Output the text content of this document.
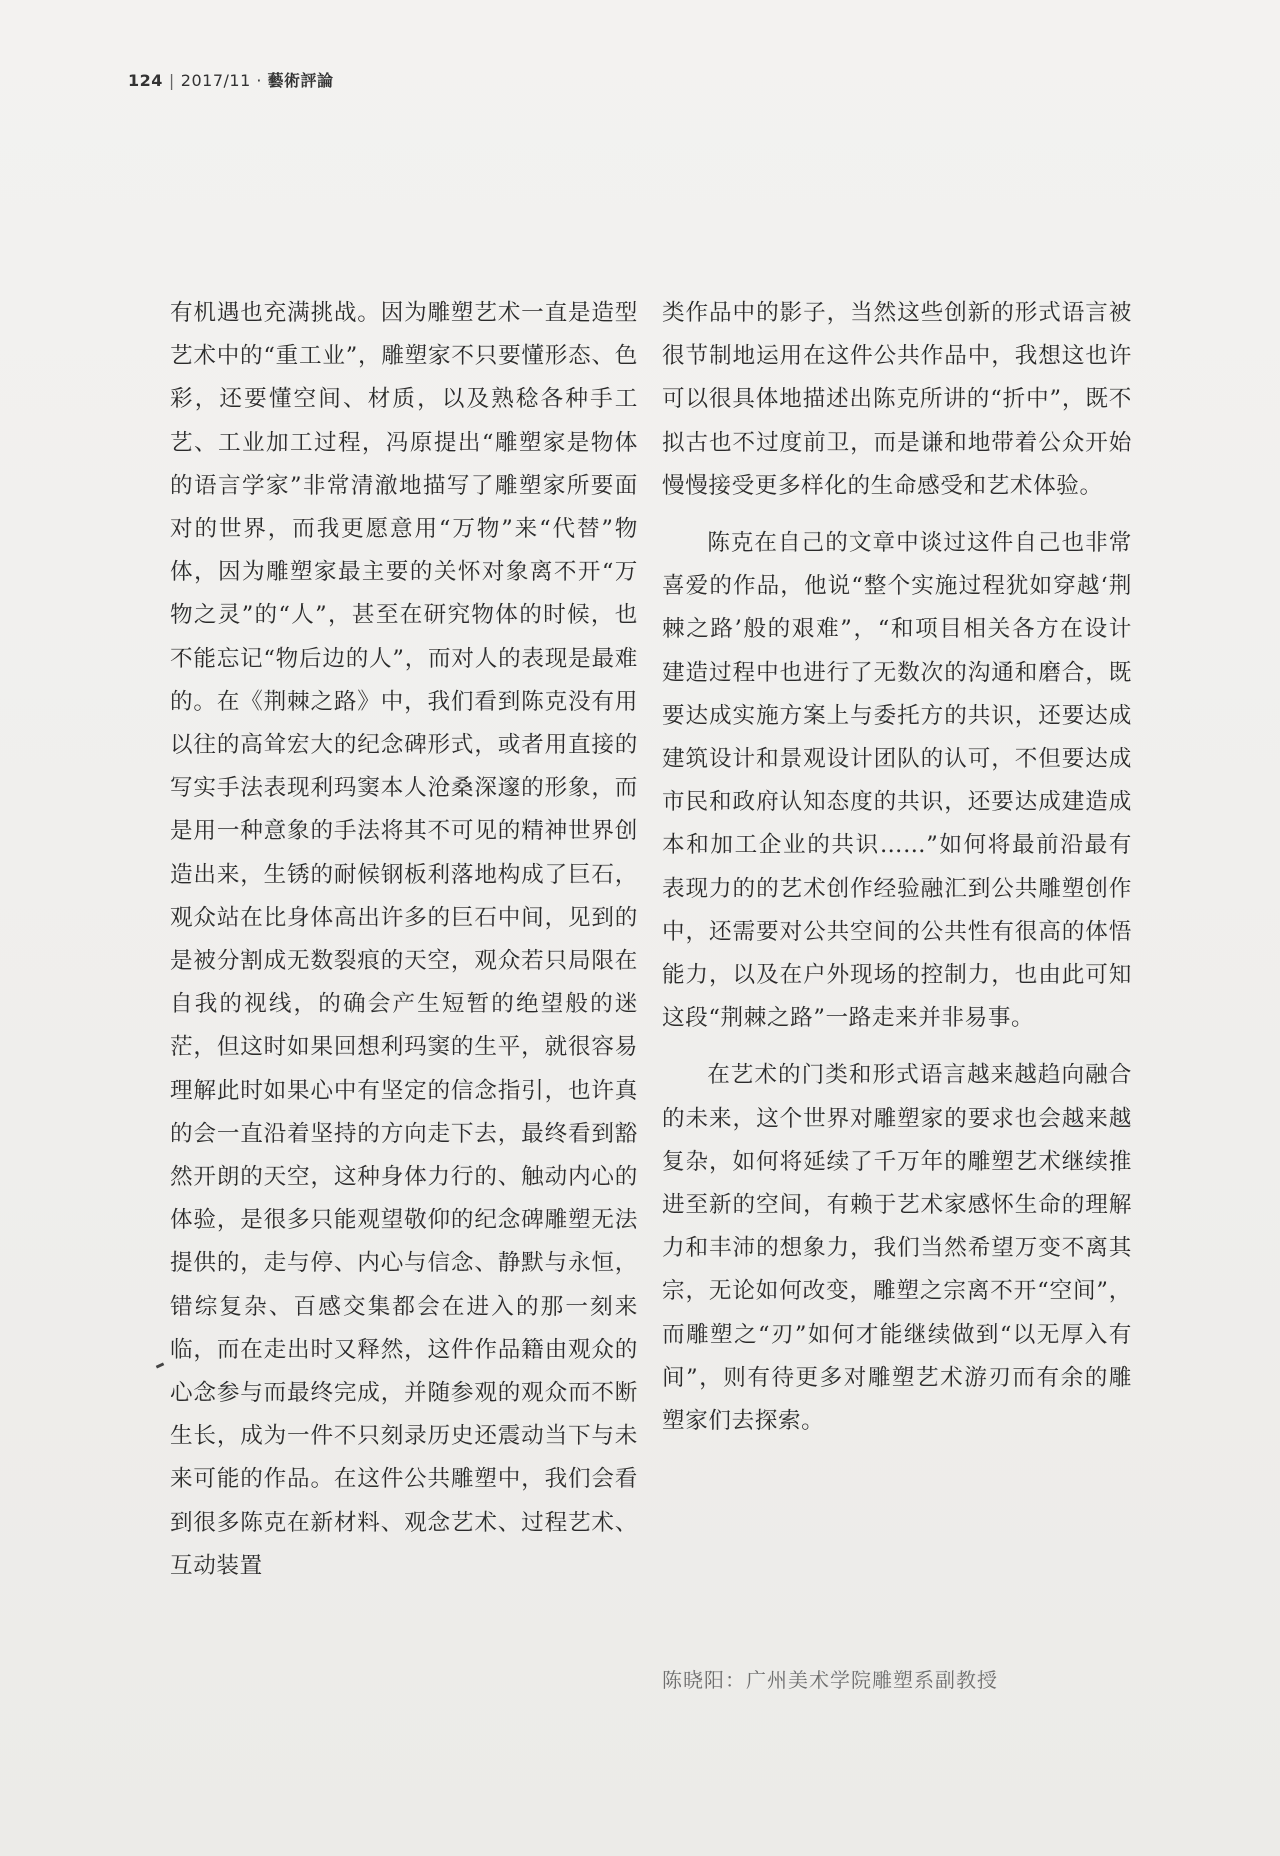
124 | 2017/11 · 藝術評論

有机遇也充满挑战。因为雕塑艺术一直是造型艺术中的“重工业”，雕塑家不只要懂形态、色彩，还要懂空间、材质，以及熟稔各种手工艺、工业加工过程，冯原提出“雕塑家是物体的语言学家”非常清澈地描写了雕塑家所要面对的世界，而我更愿意用“万物”来“代替”物体，因为雕塑家最主要的关怀对象离不开“万物之灵”的“人”，甚至在研究物体的时候，也不能忘记“物后边的人”，而对人的表现是最难的。在《荆棘之路》中，我们看到陈克没有用以往的高耸宏大的纪念碑形式，或者用直接的写实手法表现利玛窦本人沧桑深邃的形象，而是用一种意象的手法将其不可见的精神世界创造出来，生锈的耐候钢板利落地构成了巨石，观众站在比身体高出许多的巨石中间，见到的是被分割成无数裂痕的天空，观众若只局限在自我的视线，的确会产生短暂的绝望般的迷茫，但这时如果回想利玛窦的生平，就很容易理解此时如果心中有坚定的信念指引，也许真的会一直沿着坚持的方向走下去，最终看到豁然开朗的天空，这种身体力行的、触动内心的体验，是很多只能观望敬仰的纪念碑雕塑无法提供的，走与停、内心与信念、静默与永恒，错综复杂、百感交集都会在进入的那一刻来临，而在走出时又释然，这件作品籍由观众的心念参与而最终完成，并随参观的观众而不断生长，成为一件不只刻录历史还震动当下与未来可能的作品。在这件公共雕塑中，我们会看到很多陈克在新材料、观念艺术、过程艺术、互动装置

类作品中的影子，当然这些创新的形式语言被很节制地运用在这件公共作品中，我想这也许可以很具体地描述出陈克所讲的“折中”，既不拟古也不过度前卫，而是谦和地带着公众开始慢慢接受更多样化的生命感受和艺术体验。

陈克在自己的文章中谈过这件自己也非常喜爱的作品，他说“整个实施过程犹如穿越‘荆棘之路’般的艰难”，“和项目相关各方在设计建造过程中也进行了无数次的沟通和磨合，既要达成实施方案上与委托方的共识，还要达成建筑设计和景观设计团队的认可，不但要达成市民和政府认知态度的共识，还要达成建造成本和加工企业的共识……”如何将最前沿最有表现力的的艺术创作经验融汇到公共雕塑创作中，还需要对公共空间的公共性有很高的体悟能力，以及在户外现场的控制力，也由此可知这段“荆棘之路”一路走来并非易事。

在艺术的门类和形式语言越来越趋向融合的未来，这个世界对雕塑家的要求也会越来越复杂，如何将延续了千万年的雕塑艺术继续推进至新的空间，有赖于艺术家感怀生命的理解力和丰沛的想象力，我们当然希望万变不离其宗，无论如何改变，雕塑之宗离不开“空间”，而雕塑之“刃”如何才能继续做到“以无厚入有间”，则有待更多对雕塑艺术游刃而有余的雕塑家们去探索。

陈晓阳：广州美术学院雕塑系副教授
